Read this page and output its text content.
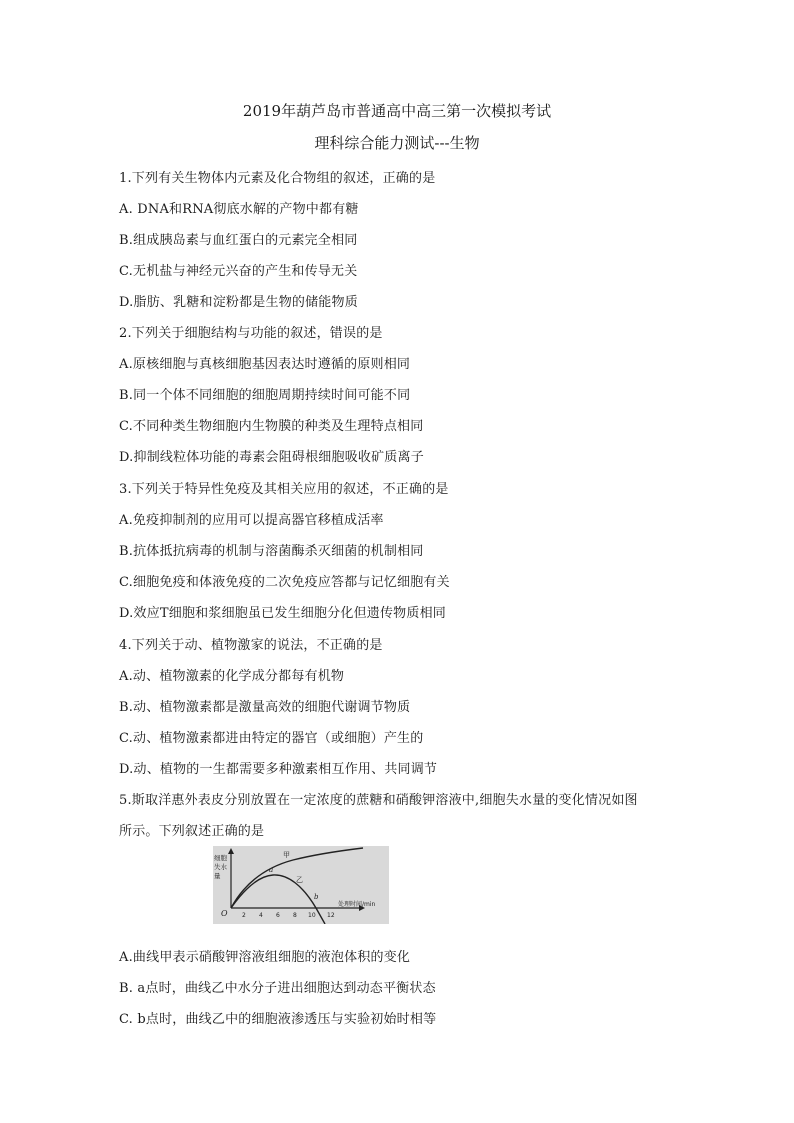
2019年葫芦岛市普通高中高三第一次模拟考试
理科综合能力测试---生物
1.下列有关生物体内元素及化合物组的叙述，正确的是
A. DNA和RNA彻底水解的产物中都有糖
B.组成胰岛素与血红蛋白的元素完全相同
C.无机盐与神经元兴奋的产生和传导无关
D.脂肪、乳糖和淀粉都是生物的储能物质
2.下列关于细胞结构与功能的叙述，错误的是
A.原核细胞与真核细胞基因表达时遵循的原则相同
B.同一个体不同细胞的细胞周期持续时间可能不同
C.不同种类生物细胞内生物膜的种类及生理特点相同
D.抑制线粒体功能的毒素会阻碍根细胞吸收矿质离子
3.下列关于特异性免疫及其相关应用的叙述，不正确的是
A.免疫抑制剂的应用可以提高器官移植成活率
B.抗体抵抗病毒的机制与溶菌酶杀灭细菌的机制相同
C.细胞免疫和体液免疫的二次免疫应答都与记忆细胞有关
D.效应T细胞和浆细胞虽已发生细胞分化但遗传物质相同
4.下列关于动、植物激家的说法，不正确的是
A.动、植物激素的化学成分都每有机物
B.动、植物激素都是激量高效的细胞代谢调节物质
C.动、植物激素都进由特定的器官（或细胞）产生的
D.动、植物的一生都需要多种激素相互作用、共同调节
5.斯取洋惠外表皮分别放置在一定浓度的蔗糖和硝酸钾溶液中,细胞失水量的变化情况如图
所示。下列叙述正确的是
细胞
失水
量
O 2 4 6 8 10 12
处理时间/min
甲
乙
a
b
A.曲线甲表示硝酸钾溶液组细胞的液泡体积的变化
B. a点时，曲线乙中水分子进出细胞达到动态平衡状态
C. b点时，曲线乙中的细胞液渗透压与实验初始时相等
